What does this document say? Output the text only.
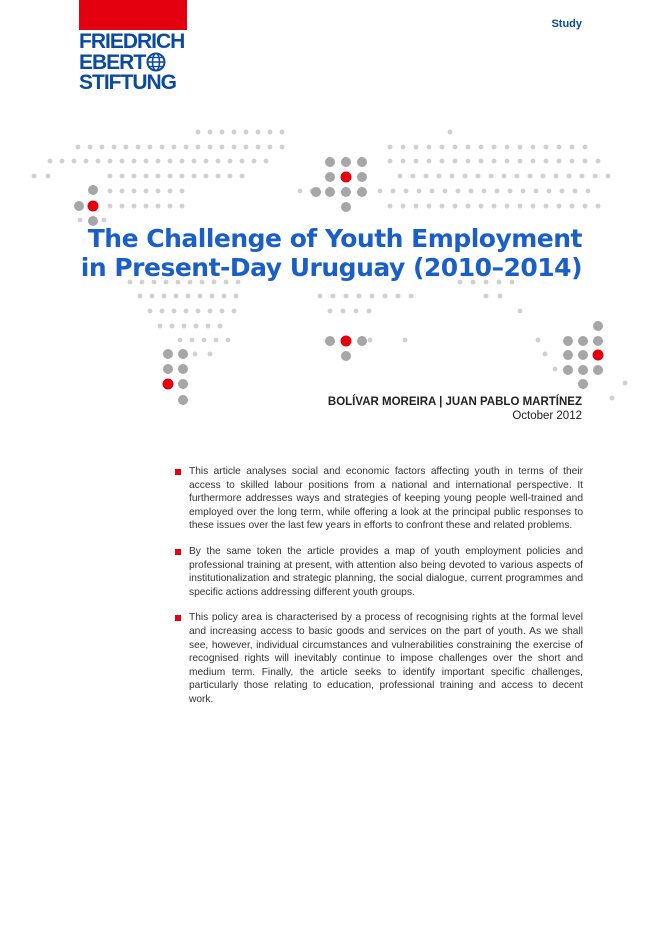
FRIEDRICH
EBERT
STIFTUNG
Study
The Challenge of Youth Employment
in Present-Day Uruguay (2010–2014)
BOLÍVAR MOREIRA | JUAN PABLO MARTÍNEZ
October 2012

This article analyses social and economic factors affecting youth in terms of their access to skilled labour positions from a national and international perspective. It furthermore addresses ways and strategies of keeping young people well-trained and employed over the long term, while offering a look at the principal public responses to these issues over the last few years in efforts to confront these and related problems.

By the same token the article provides a map of youth employment policies and professional training at present, with attention also being devoted to various aspects of institutionalization and strategic planning, the social dialogue, current programmes and specific actions addressing different youth groups.

This policy area is characterised by a process of recognising rights at the formal level and increasing access to basic goods and services on the part of youth. As we shall see, however, individual circumstances and vulnerabilities constraining the exercise of recognised rights will inevitably continue to impose challenges over the short and medium term. Finally, the article seeks to identify important specific challenges, particularly those relating to education, professional training and access to decent work.
